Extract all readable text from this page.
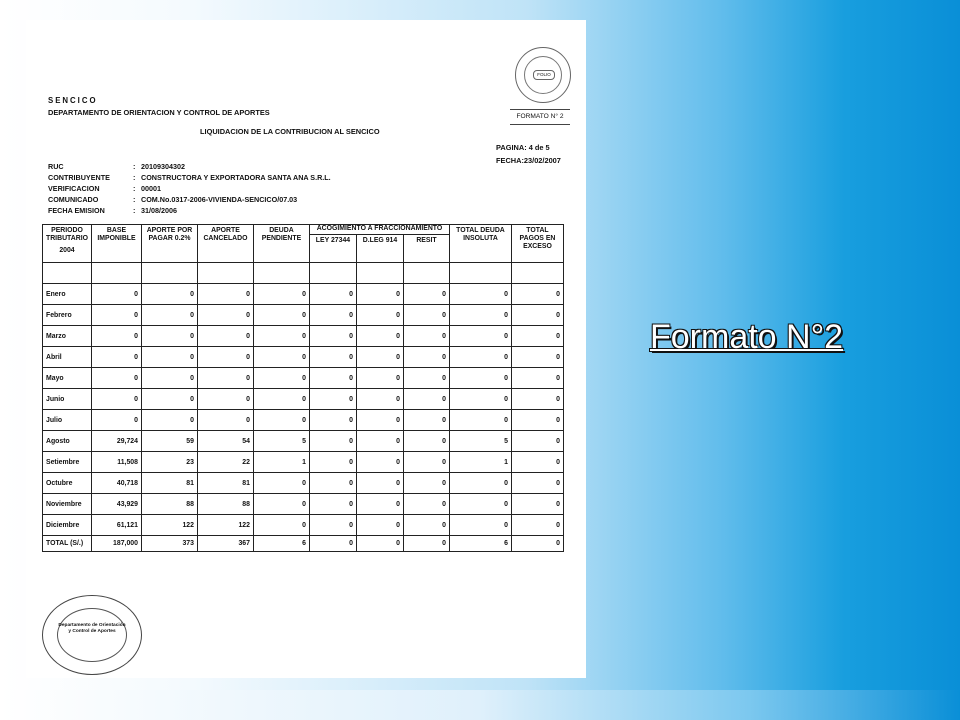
FOLIO
FORMATO N° 2
SENCICO
DEPARTAMENTO DE ORIENTACION Y CONTROL DE APORTES
LIQUIDACION DE LA CONTRIBUCION AL SENCICO
PAGINA: 4 de 5
FECHA:23/02/2007
RUC	: 20109304302
CONTRIBUYENTE	: CONSTRUCTORA Y EXPORTADORA SANTA ANA S.R.L.
VERIFICACION	: 00001
COMUNICADO	: COM.No.0317-2006-VIVIENDA-SENCICO/07.03
FECHA EMISION	: 31/08/2006
PERIODO TRIBUTARIO
2004	BASE IMPONIBLE	APORTE POR PAGAR 0.2%	APORTE CANCELADO	DEUDA PENDIENTE	ACOGIMIENTO A FRACCIONAMIENTO			TOTAL DEUDA INSOLUTA	TOTAL PAGOS EN EXCESO
					LEY 27344	D.LEG 914	RESIT		

Enero	0	0	0	0	0	0	0	0	0
Febrero	0	0	0	0	0	0	0	0	0
Marzo	0	0	0	0	0	0	0	0	0
Abril	0	0	0	0	0	0	0	0	0
Mayo	0	0	0	0	0	0	0	0	0
Junio	0	0	0	0	0	0	0	0	0
Julio	0	0	0	0	0	0	0	0	0
Agosto	29,724	59	54	5	0	0	0	5	0
Setiembre	11,508	23	22	1	0	0	0	1	0
Octubre	40,718	81	81	0	0	0	0	0	0
Noviembre	43,929	88	88	0	0	0	0	0	0
Diciembre	61,121	122	122	0	0	0	0	0	0
TOTAL (S/.)	187,000	373	367	6	0	0	0	6	0
Departamento de Orientación y Control de Aportes
Formato N°2
